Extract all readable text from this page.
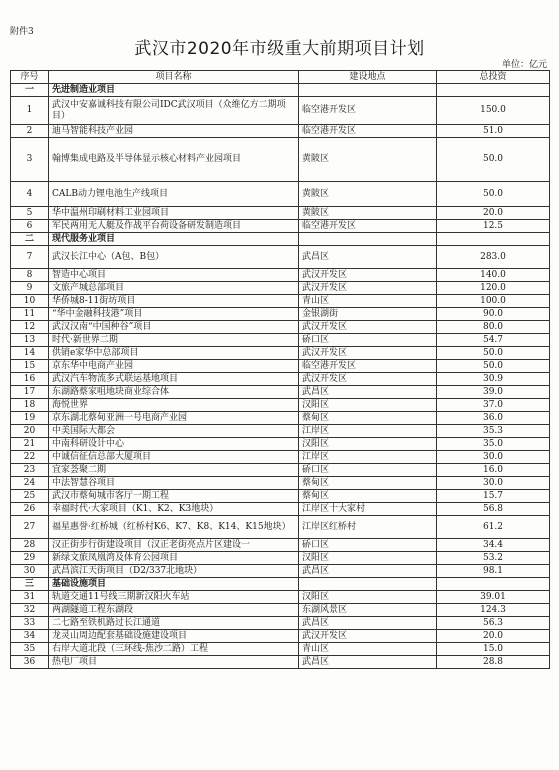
附件3
武汉市2020年市级重大前期项目计划
单位：亿元
序号	项目名称	建设地点	总投资
一	先进制造业项目		
1	武汉中安嘉诚科技有限公司IDC武汉项目（众维亿方二期项目）	临空港开发区	150.0
2	迪马智能科技产业园	临空港开发区	51.0
3	翰博集成电路及半导体显示核心材料产业园项目	黄陂区	50.0
4	CALB动力锂电池生产线项目	黄陂区	50.0
5	华中温州印刷材料工业园项目	黄陂区	20.0
6	军民两用无人艇及作战平台荷设备研发制造项目	临空港开发区	12.5
二	现代服务业项目		
7	武汉长江中心（A包、B包）	武昌区	283.0
8	智造中心项目	武汉开发区	140.0
9	文旅产城总部项目	武汉开发区	120.0
10	华侨城8-11街坊项目	青山区	100.0
11	“华中金融科技港”项目	金银湖街	90.0
12	武汉汉南“中国种谷”项目	武汉开发区	80.0
13	时代·新世界二期	硚口区	54.7
14	供销e家华中总部项目	武汉开发区	50.0
15	京东华中电商产业园	临空港开发区	50.0
16	武汉汽车物流多式联运基地项目	武汉开发区	30.9
17	东湖路蔡家咀地块商业综合体	武昌区	39.0
18	海悦世界	汉阳区	37.0
19	京东湖北蔡甸亚洲一号电商产业园	蔡甸区	36.0
20	中美国际大都会	江岸区	35.3
21	中南科研设计中心	汉阳区	35.0
22	中诚信征信总部大厦项目	江岸区	30.0
23	宜家荟聚二期	硚口区	16.0
24	中法智慧谷项目	蔡甸区	30.0
25	武汉市蔡甸城市客厅一期工程	蔡甸区	15.7
26	幸福时代·大家项目（K1、K2、K3地块）	江岸区十大家村	56.8
27	福星惠誉·红桥城（红桥村K6、K7、K8、K14、K15地块）	江岸区红桥村	61.2
28	汉正街步行街建设项目（汉正老街亮点片区建设一	硚口区	34.4
29	新绿文旅凤凰湾及体育公园项目	汉阳区	53.2
30	武昌滨江天街项目（D2/337北地块）	武昌区	98.1
三	基础设施项目		
31	轨道交通11号线三期新汉阳火车站	汉阳区	39.01
32	两湖隧道工程东湖段	东湖风景区	124.3
33	二七路至铁机路过长江通道	武昌区	56.3
34	龙灵山周边配套基础设施建设项目	武汉开发区	20.0
35	右岸大道北段（三环线-焦沙二路）工程	青山区	15.0
36	热电厂项目	武昌区	28.8
